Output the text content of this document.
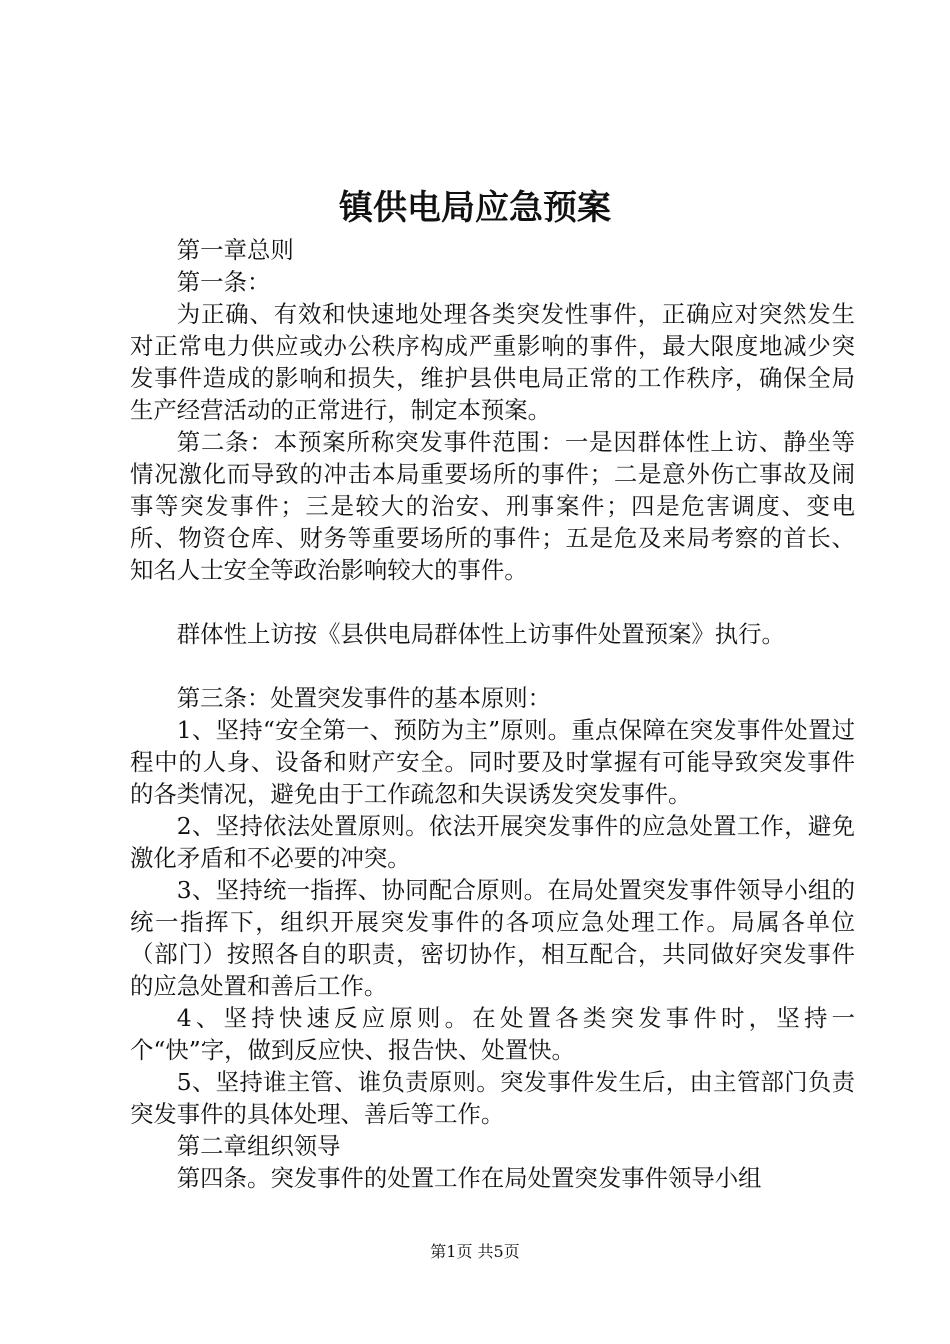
镇供电局应急预案

第一章总则

第一条：

为正确、有效和快速地处理各类突发性事件，正确应对突然发生对正常电力供应或办公秩序构成严重影响的事件，最大限度地减少突发事件造成的影响和损失，维护县供电局正常的工作秩序，确保全局生产经营活动的正常进行，制定本预案。

第二条：本预案所称突发事件范围：一是因群体性上访、静坐等情况激化而导致的冲击本局重要场所的事件；二是意外伤亡事故及闹事等突发事件；三是较大的治安、刑事案件；四是危害调度、变电所、物资仓库、财务等重要场所的事件；五是危及来局考察的首长、知名人士安全等政治影响较大的事件。

群体性上访按《县供电局群体性上访事件处置预案》执行。

第三条：处置突发事件的基本原则：

1、坚持“安全第一、预防为主”原则。重点保障在突发事件处置过程中的人身、设备和财产安全。同时要及时掌握有可能导致突发事件的各类情况，避免由于工作疏忽和失误诱发突发事件。

2、坚持依法处置原则。依法开展突发事件的应急处置工作，避免激化矛盾和不必要的冲突。

3、坚持统一指挥、协同配合原则。在局处置突发事件领导小组的统一指挥下，组织开展突发事件的各项应急处理工作。局属各单位（部门）按照各自的职责，密切协作，相互配合，共同做好突发事件的应急处置和善后工作。

4、坚持快速反应原则。在处置各类突发事件时，坚持一个“快”字，做到反应快、报告快、处置快。

5、坚持谁主管、谁负责原则。突发事件发生后，由主管部门负责突发事件的具体处理、善后等工作。

第二章组织领导

第四条。突发事件的处置工作在局处置突发事件领导小组

第1页 共5页
